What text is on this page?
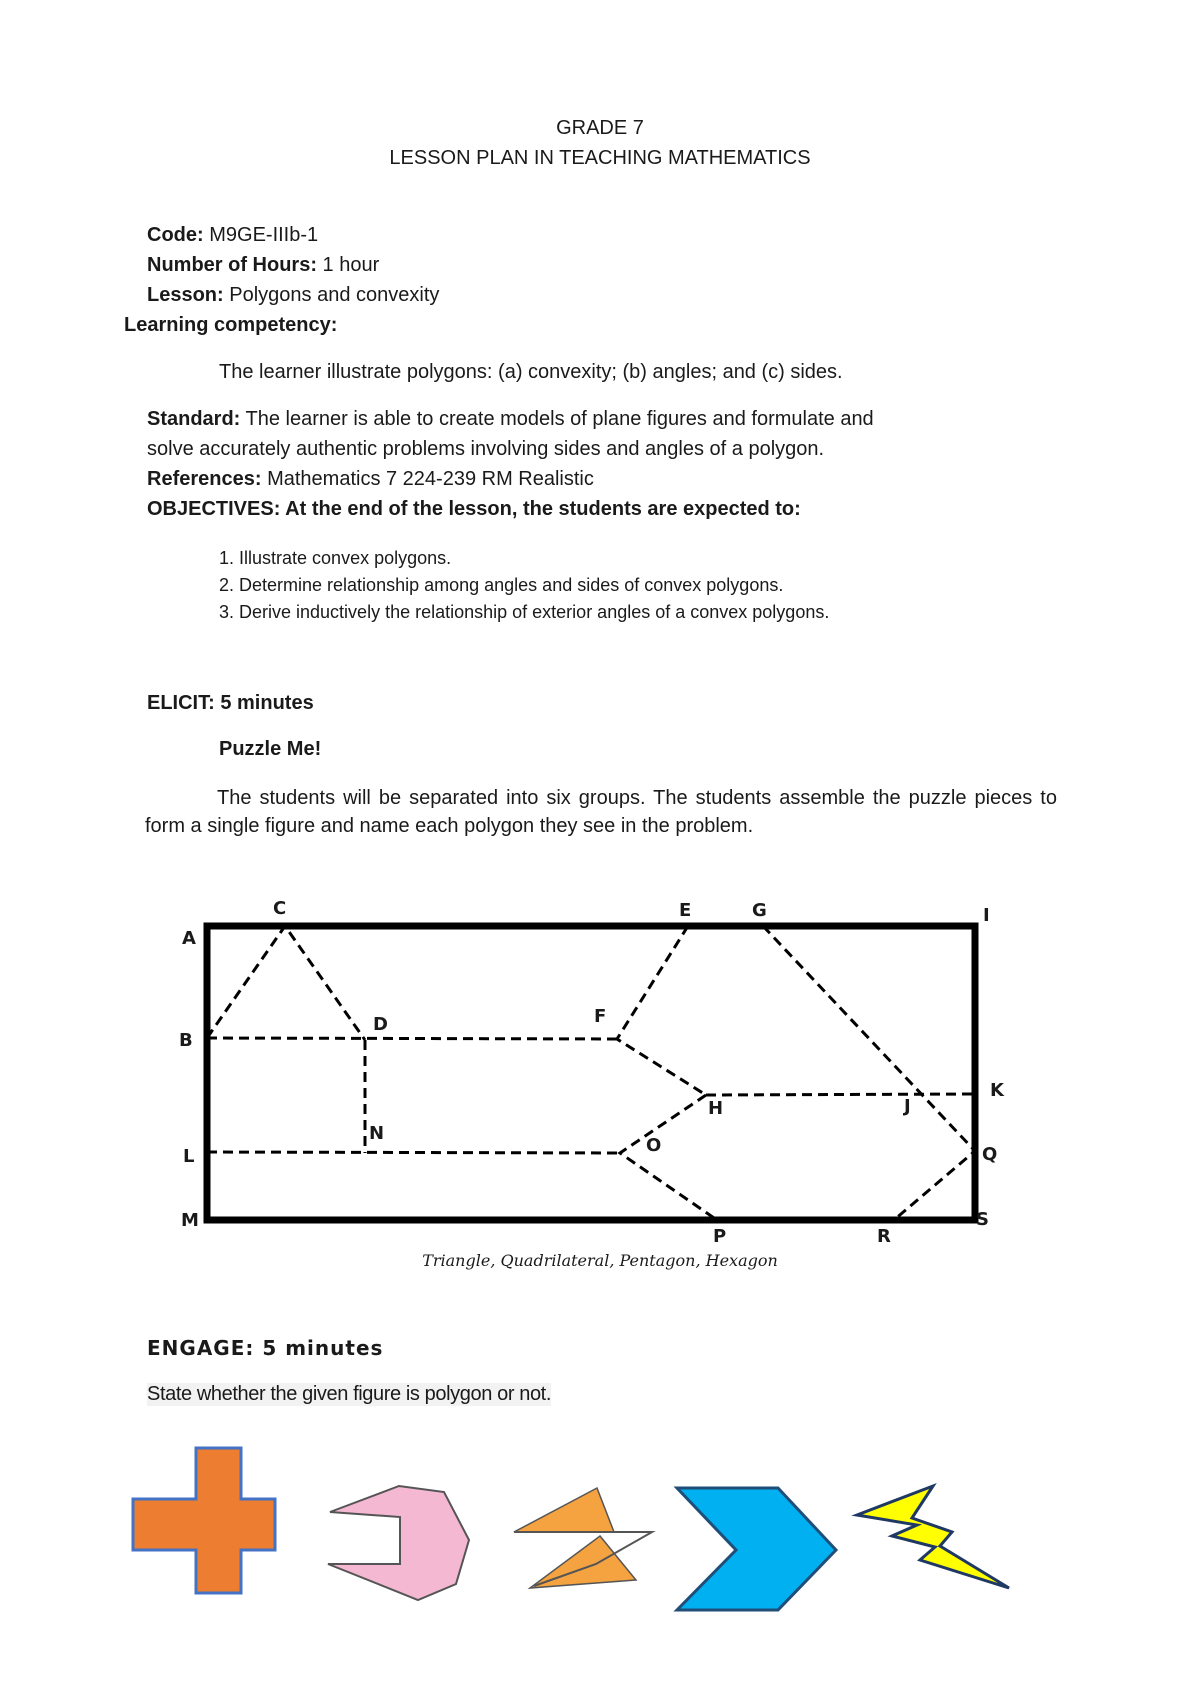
GRADE 7
LESSON PLAN IN TEACHING MATHEMATICS
Code: M9GE-IIIb-1
Number of Hours: 1 hour
Lesson: Polygons and convexity
Learning competency:
The learner illustrate polygons: (a) convexity; (b) angles; and (c) sides.
Standard: The learner is able to create models of plane figures and formulate and
solve accurately authentic problems involving sides and angles of a polygon.
References: Mathematics 7 224-239 RM Realistic
OBJECTIVES: At the end of the lesson, the students are expected to:
1. Illustrate convex polygons.
2. Determine relationship among angles and sides of convex polygons.
3. Derive inductively the relationship of exterior angles of a convex polygons.
ELICIT: 5 minutes
Puzzle Me!
The students will be separated into six groups. The students assemble the puzzle pieces to form a single figure and name each polygon they see in the problem.
A
B
C
D
E
F
G
H
I
J
K
L
M
N
O
P
Q
R
S
Triangle, Quadrilateral, Pentagon, Hexagon
ENGAGE: 5 minutes
State whether the given figure is polygon or not.
